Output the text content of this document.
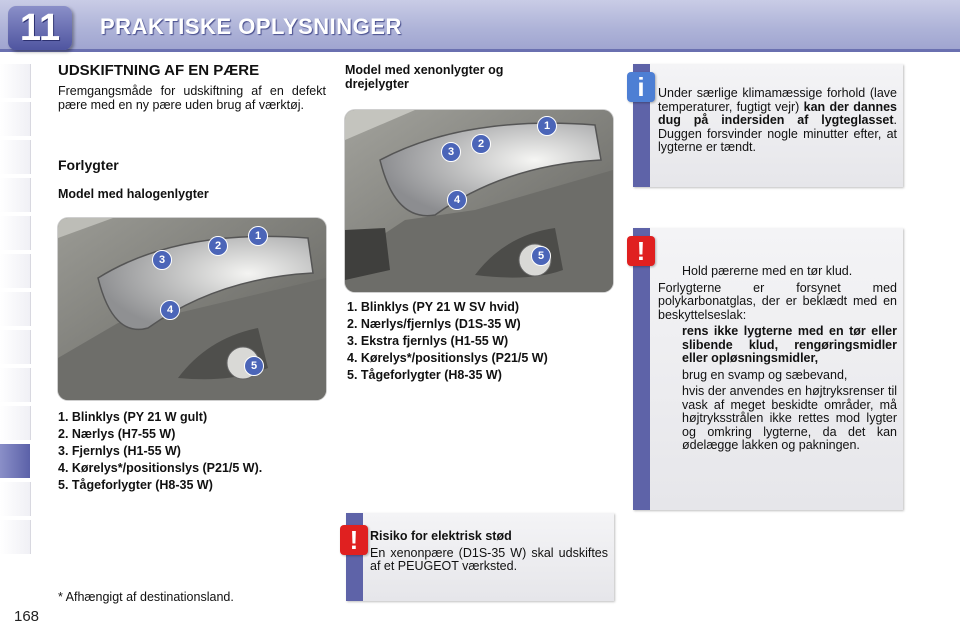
11	PRAKTISKE OPLYSNINGER
168
* Afhængigt af destinationsland.
UDSKIFTNING AF EN PÆRE
Fremgangsmåde for udskiftning af en defekt pære med en ny pære uden brug af værktøj.
Forlygter
Model med halogenlygter
1
2
3
4
5
1. Blinklys (PY 21 W gult)
2. Nærlys (H7-55 W)
3. Fjernlys (H1-55 W)
4. Kørelys*/positionslys (P21/5 W).
5. Tågeforlygter (H8-35 W)
Model med xenonlygter og drejelygter
1
2
3
4
5
1. Blinklys (PY 21 W SV hvid)
2. Nærlys/fjernlys (D1S-35 W)
3. Ekstra fjernlys (H1-55 W)
4. Kørelys*/positionslys (P21/5 W)
5. Tågeforlygter (H8-35 W)
! Risiko for elektrisk stød

En xenonpære (D1S-35 W) skal udskiftes af et PEUGEOT værksted.

i	Under særlige klimamæssige forhold (lave temperaturer, fugtigt vejr) kan der dannes dug på indersiden af lygteglasset. Duggen forsvinder nogle minutter efter, at lygterne er tændt.
!
Hold pærerne med en tør klud.

Forlygterne er forsynet med polykarbonatglas, der er beklædt med en beskyttelseslak:

rens ikke lygterne med en tør eller slibende klud, rengøringsmidler eller opløsningsmidler,
brug en svamp og sæbevand,
hvis der anvendes en højtryksrenser til vask af meget beskidte områder, må højtryksstrålen ikke rettes mod lygter og omkring lygterne, da det kan ødelægge lakken og pakningen.
